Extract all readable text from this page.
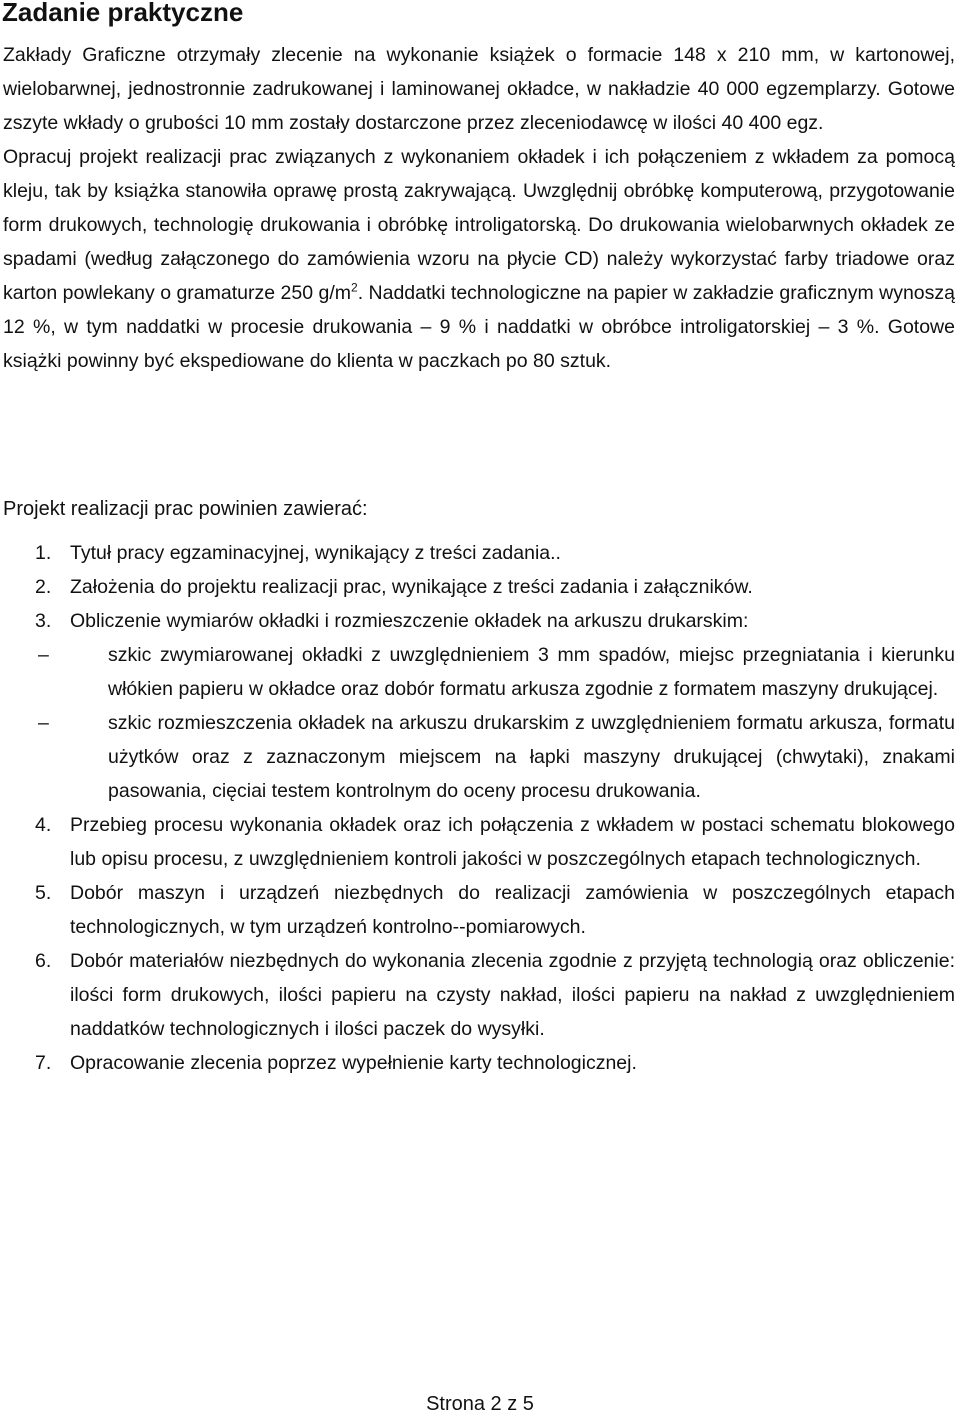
Zadanie praktyczne

Zakłady Graficzne otrzymały zlecenie na wykonanie książek o formacie 148 x 210 mm, w kartonowej, wielobarwnej, jednostronnie zadrukowanej i laminowanej okładce, w nakładzie 40 000 egzemplarzy. Gotowe zszyte wkłady o grubości 10 mm zostały dostarczone przez zleceniodawcę w ilości 40 400 egz.

Opracuj projekt realizacji prac związanych z wykonaniem okładek i ich połączeniem z wkładem za pomocą kleju, tak by książka stanowiła oprawę prostą zakrywającą. Uwzględnij obróbkę komputerową, przygotowanie form drukowych, technologię drukowania i obróbkę introligatorską. Do drukowania wielobarwnych okładek ze spadami (według załączonego do zamówienia wzoru na płycie CD) należy wykorzystać farby triadowe oraz karton powlekany o gramaturze 250 $g/m^2$. Naddatki technologiczne na papier w zakładzie graficznym wynoszą 12 %, w tym naddatki w procesie drukowania – 9 % i naddatki w obróbce introligatorskiej – 3 %. Gotowe książki powinny być ekspediowane do klienta w paczkach po 80 sztuk.

Projekt realizacji prac powinien zawierać:
1. Tytuł pracy egzaminacyjnej, wynikający z treści zadania..
2. Założenia do projektu realizacji prac, wynikające z treści zadania i załączników.
3. Obliczenie wymiarów okładki i rozmieszczenie okładek na arkuszu drukarskim:
–	szkic zwymiarowanej okładki z uwzględnieniem 3 mm spadów, miejsc przegniatania i kierunku włókien papieru w okładce oraz dobór formatu arkusza zgodnie z formatem maszyny drukującej.
–	szkic rozmieszczenia okładek na arkuszu drukarskim z uwzględnieniem formatu arkusza, formatu użytków oraz z zaznaczonym miejscem na łapki maszyny drukującej (chwytaki), znakami pasowania, cięciai testem kontrolnym do oceny procesu drukowania.
4. Przebieg procesu wykonania okładek oraz ich połączenia z wkładem w postaci schematu blokowego lub opisu procesu, z uwzględnieniem kontroli jakości w poszczególnych etapach technologicznych.
5. Dobór maszyn i urządzeń niezbędnych do realizacji zamówienia w poszczególnych etapach technologicznych, w tym urządzeń kontrolno--pomiarowych.
6. Dobór materiałów niezbędnych do wykonania zlecenia zgodnie z przyjętą technologią oraz obliczenie: ilości form drukowych, ilości papieru na czysty nakład, ilości papieru na nakład z uwzględnieniem naddatków technologicznych i ilości paczek do wysyłki.
7. Opracowanie zlecenia poprzez wypełnienie karty technologicznej.
Strona 2 z 5
